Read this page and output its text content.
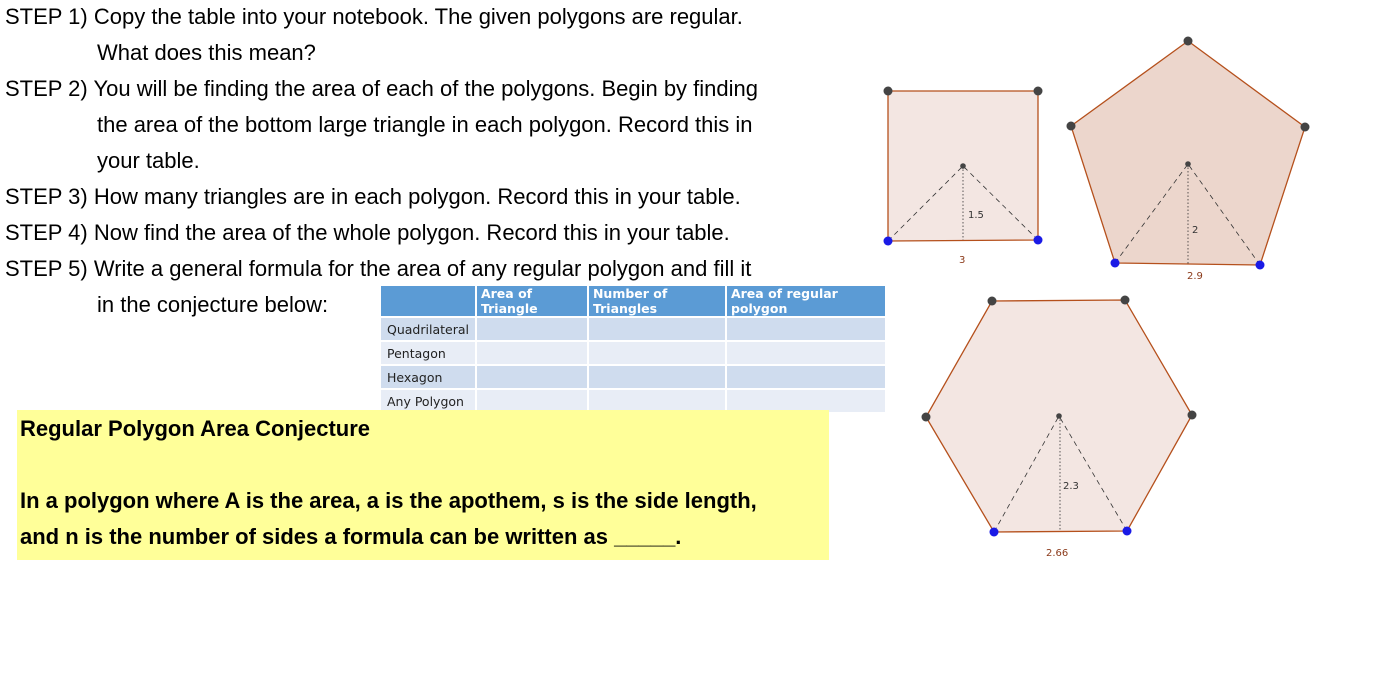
STEP 1) Copy the table into your notebook. The given polygons are regular.
What does this mean?
STEP 2) You will be finding the area of each of the polygons. Begin by finding
the area of the bottom large triangle in each polygon. Record this in
your table.
STEP 3) How many triangles are in each polygon. Record this in your table.
STEP 4) Now find the area of the whole polygon. Record this in your table.
STEP 5) Write a general formula for the area of any regular polygon and fill it
in the conjecture below:
		Area of Triangle	Number of Triangles	Area of regular polygon
Quadrilateral			
Pentagon			
Hexagon			
Any Polygon			
Regular Polygon Area Conjecture
In a polygon where A is the area, a is the apothem, s is the side length,
and n is the number of sides a formula can be written as _____.
1.5
3
2
2.9
2.3
2.66
